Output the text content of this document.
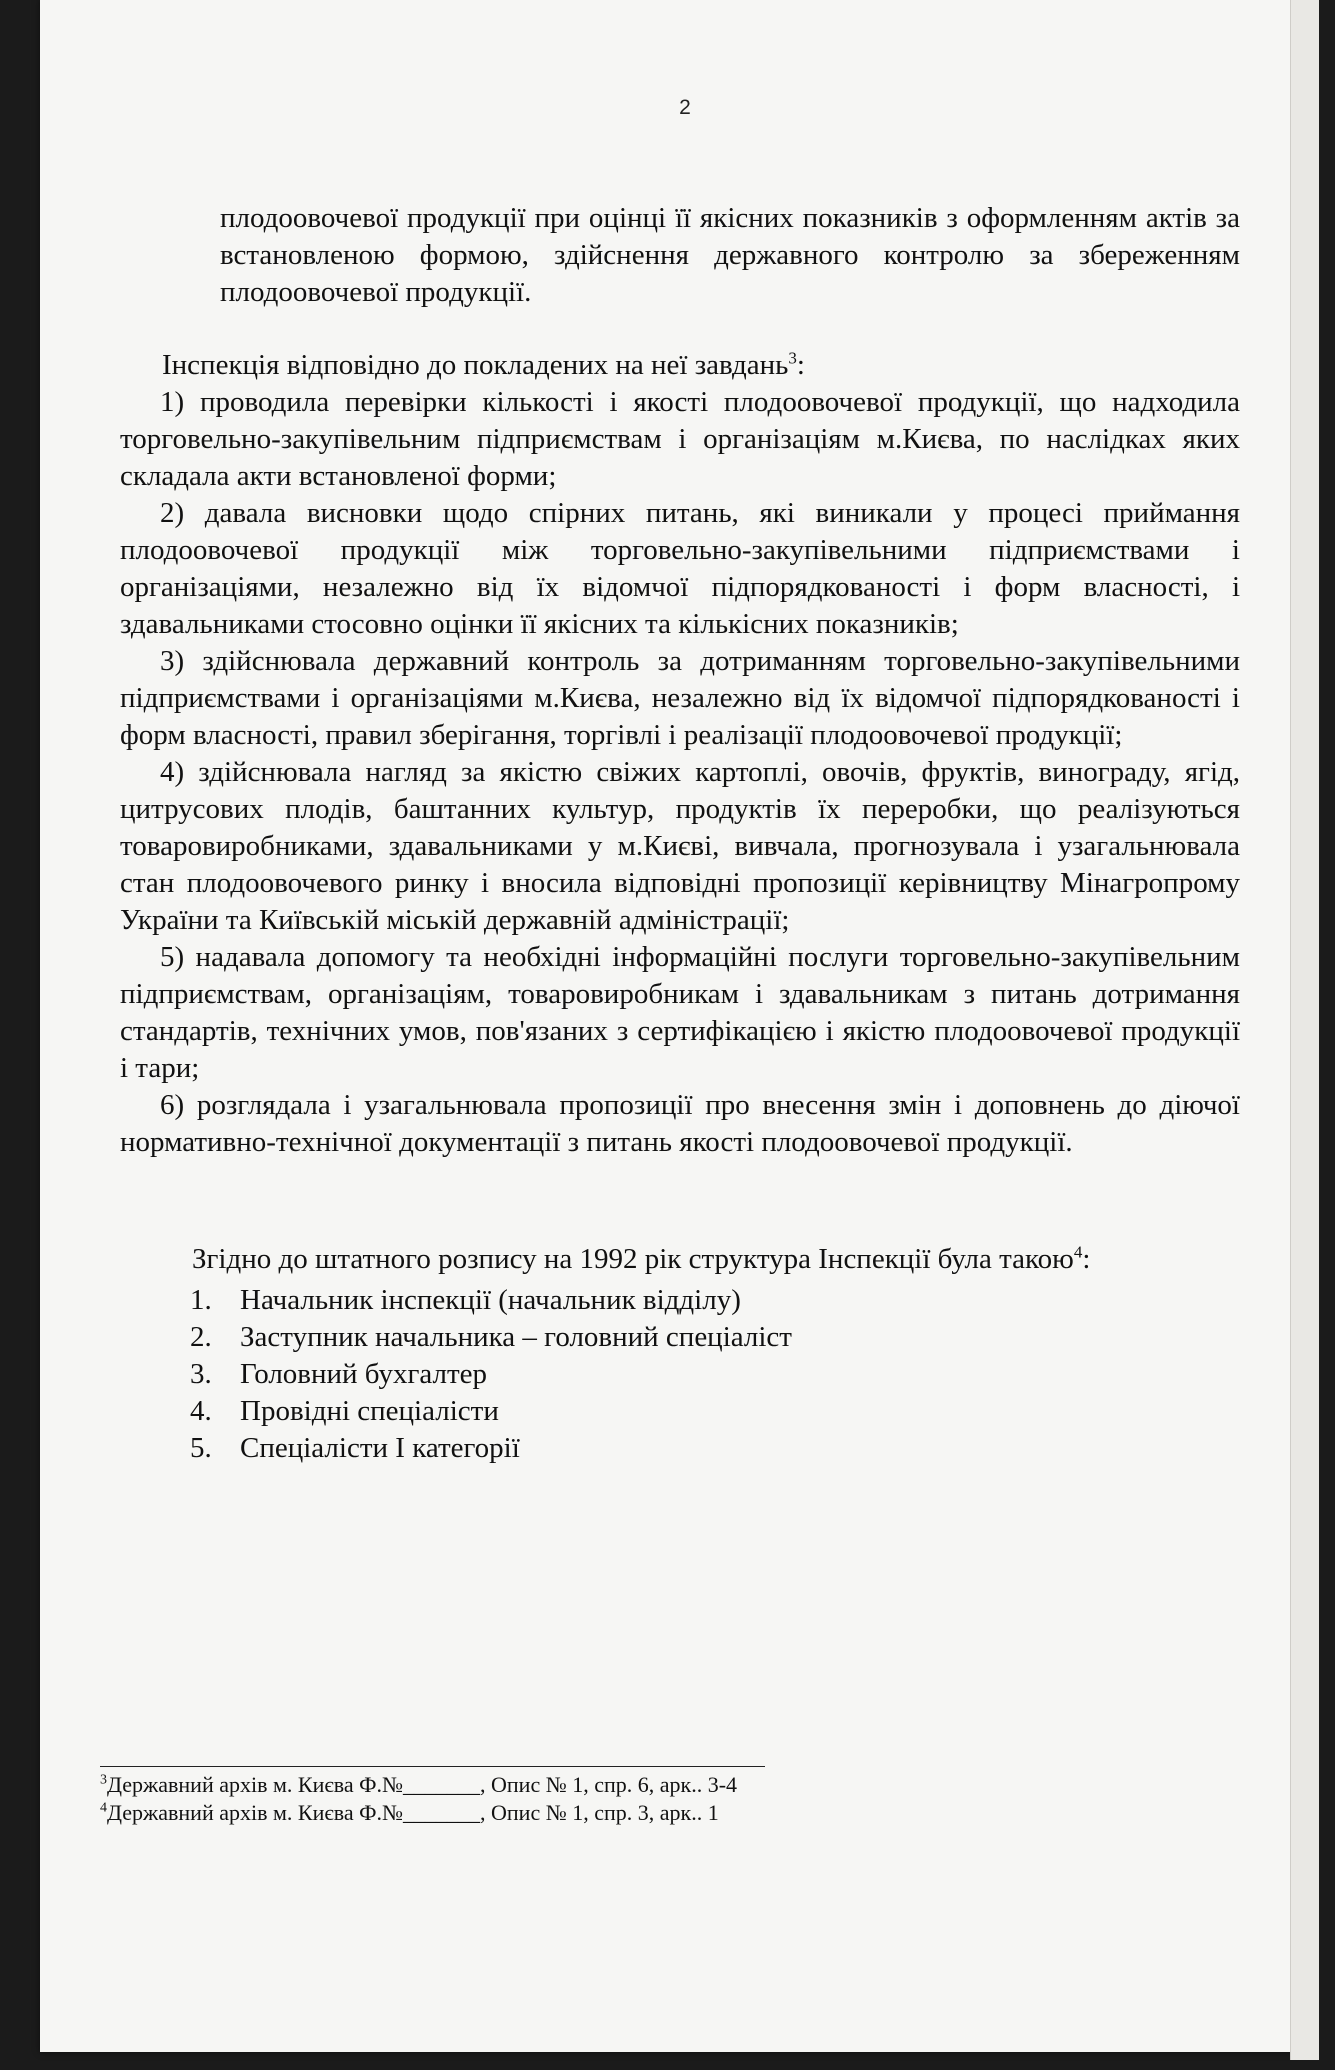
2

плодоовочевої продукції при оцінці її якісних показників з оформленням актів за встановленою формою, здійснення державного контролю за збереженням плодоовочевої продукції.

Інспекція відповідно до покладених на неї завдань$^3$:

1) проводила перевірки кількості і якості плодоовочевої продукції, що надходила торговельно-закупівельним підприємствам і організаціям м.Києва, по наслідках яких складала акти встановленої форми;

2) давала висновки щодо спірних питань, які виникали у процесі приймання плодоовочевої продукції між торговельно-закупівельними підприємствами і організаціями, незалежно від їх відомчої підпорядкованості і форм власності, і здавальниками стосовно оцінки її якісних та кількісних показників;

3) здійснювала державний контроль за дотриманням торговельно-закупівельними підприємствами і організаціями м.Києва, незалежно від їх відомчої підпорядкованості і форм власності, правил зберігання, торгівлі і реалізації плодоовочевої продукції;

4) здійснювала нагляд за якістю свіжих картоплі, овочів, фруктів, винограду, ягід, цитрусових плодів, баштанних культур, продуктів їх переробки, що реалізуються товаровиробниками, здавальниками у м.Києві, вивчала, прогнозувала і узагальнювала стан плодоовочевого ринку і вносила відповідні пропозиції керівництву Мінагропрому України та Київській міській державній адміністрації;

5) надавала допомогу та необхідні інформаційні послуги торговельно-закупівельним підприємствам, організаціям, товаровиробникам і здавальникам з питань дотримання стандартів, технічних умов, пов'язаних з сертифікацією і якістю плодоовочевої продукції і тари;

6) розглядала і узагальнювала пропозиції про внесення змін і доповнень до діючої нормативно-технічної документації з питань якості плодоовочевої продукції.

Згідно до штатного розпису на 1992 рік структура Інспекції була такою$^4$:

1. Начальник інспекції (начальник відділу)
2. Заступник начальника – головний спеціаліст
3. Головний бухгалтер
4. Провідні спеціалісти
5. Спеціалісти І категорії
$^3$Державний архів м. Києва Ф.№_______, Опис № 1, спр. 6, арк.. 3-4
$^4$Державний архів м. Києва Ф.№_______, Опис № 1, спр. 3, арк.. 1
